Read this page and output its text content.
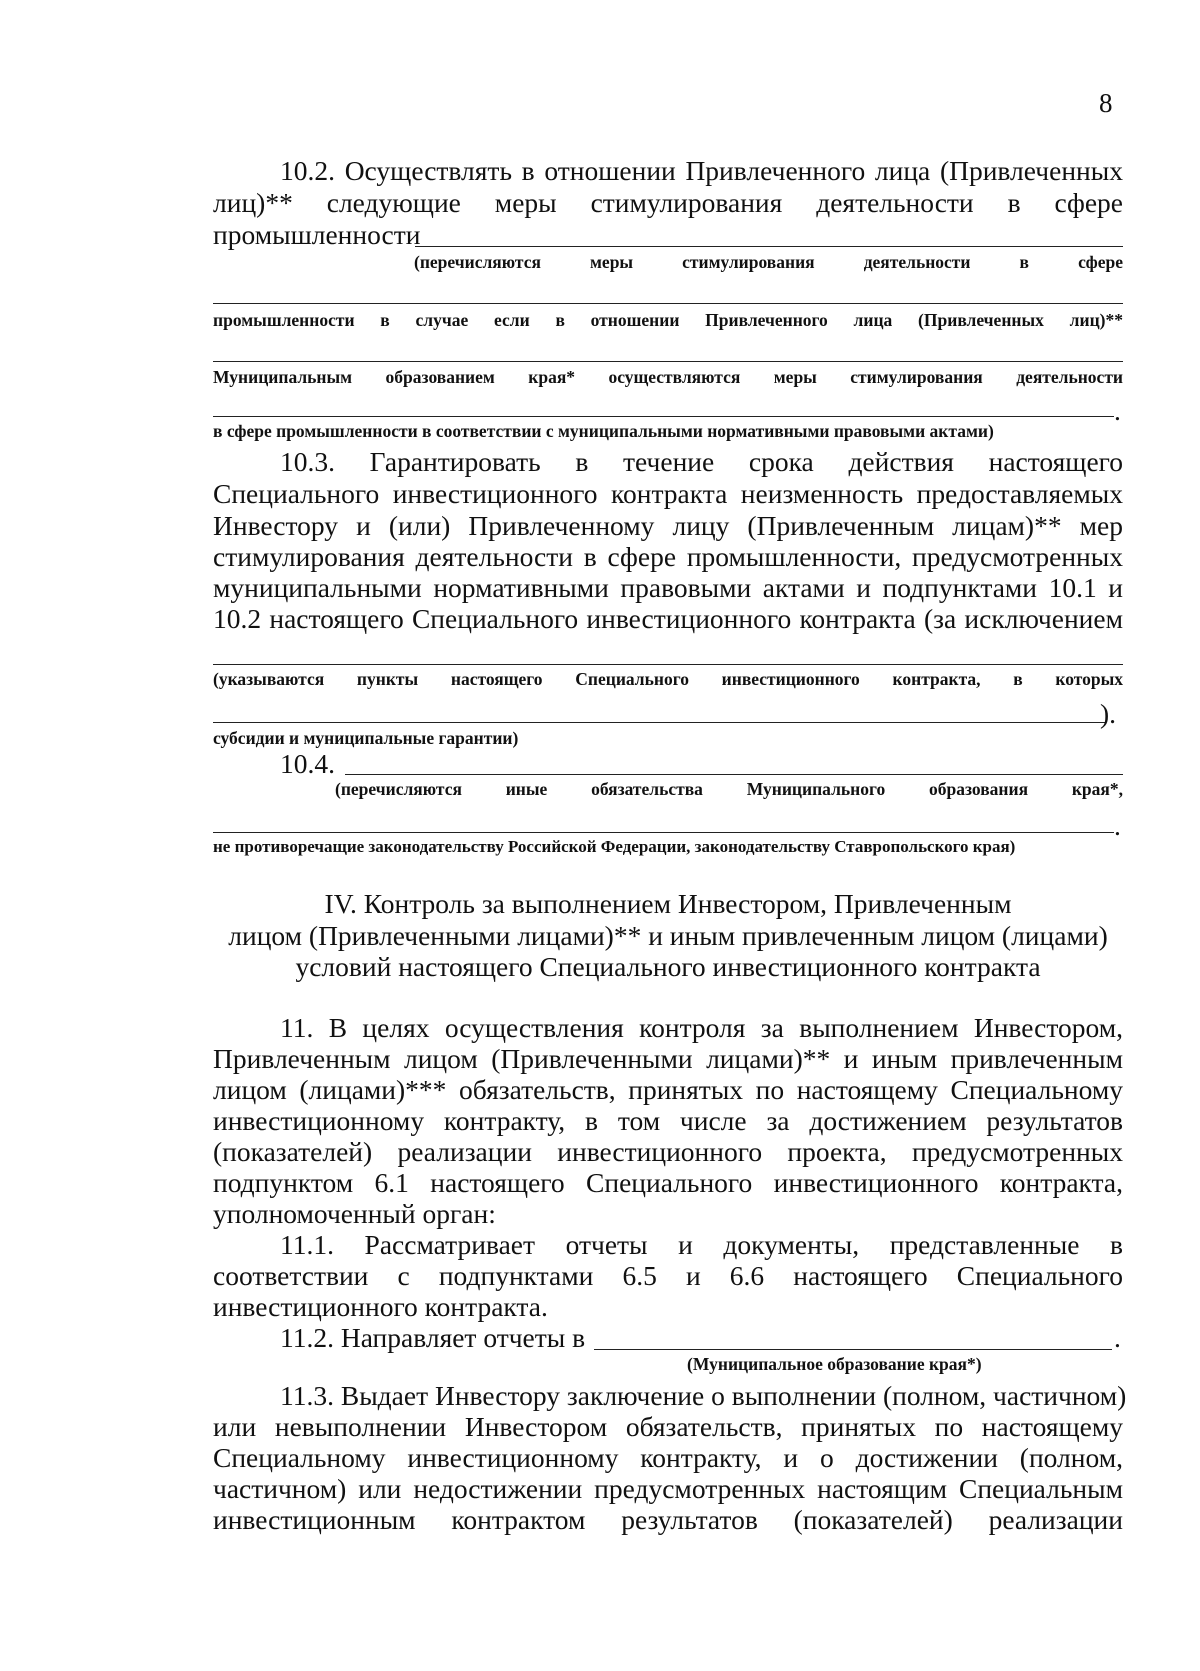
8
10.2. Осуществлять в отношении Привлеченного лица (Привлеченных
лиц)** следующие меры стимулирования деятельности в сфере
промышленности
(перечисляются меры стимулирования деятельности в сфере
промышленности в случае если в отношении Привлеченного лица (Привлеченных лиц)**
Муниципальным образованием края* осуществляются меры стимулирования деятельности
.
в сфере промышленности в соответствии с муниципальными нормативными правовыми актами)
10.3. Гарантировать в течение срока действия настоящего
Специального инвестиционного контракта неизменность предоставляемых
Инвестору и (или) Привлеченному лицу (Привлеченным лицам)** мер
стимулирования деятельности в сфере промышленности, предусмотренных
муниципальными нормативными правовыми актами и подпунктами 10.1 и
10.2 настоящего Специального инвестиционного контракта (за исключением
(указываются пункты настоящего Специального инвестиционного контракта, в которых
).
субсидии и муниципальные гарантии)
10.4.
(перечисляются иные обязательства Муниципального образования края*,
.
не противоречащие законодательству Российской Федерации, законодательству Ставропольского края)
IV. Контроль за выполнением Инвестором, Привлеченным
лицом (Привлеченными лицами)** и иным привлеченным лицом (лицами)
условий настоящего Специального инвестиционного контракта
11. В целях осуществления контроля за выполнением Инвестором,
Привлеченным лицом (Привлеченными лицами)** и иным привлеченным
лицом (лицами)*** обязательств, принятых по настоящему Специальному
инвестиционному контракту, в том числе за достижением результатов
(показателей) реализации инвестиционного проекта, предусмотренных
подпунктом 6.1 настоящего Специального инвестиционного контракта,
уполномоченный орган:
11.1. Рассматривает отчеты и документы, представленные в
соответствии с подпунктами 6.5 и 6.6 настоящего Специального
инвестиционного контракта.
11.2. Направляет отчеты в	.
(Муниципальное образование края*)
11.3. Выдает Инвестору заключение о выполнении (полном, частичном)
или невыполнении Инвестором обязательств, принятых по настоящему
Специальному инвестиционному контракту, и о достижении (полном,
частичном) или недостижении предусмотренных настоящим Специальным
инвестиционным контрактом результатов (показателей) реализации
